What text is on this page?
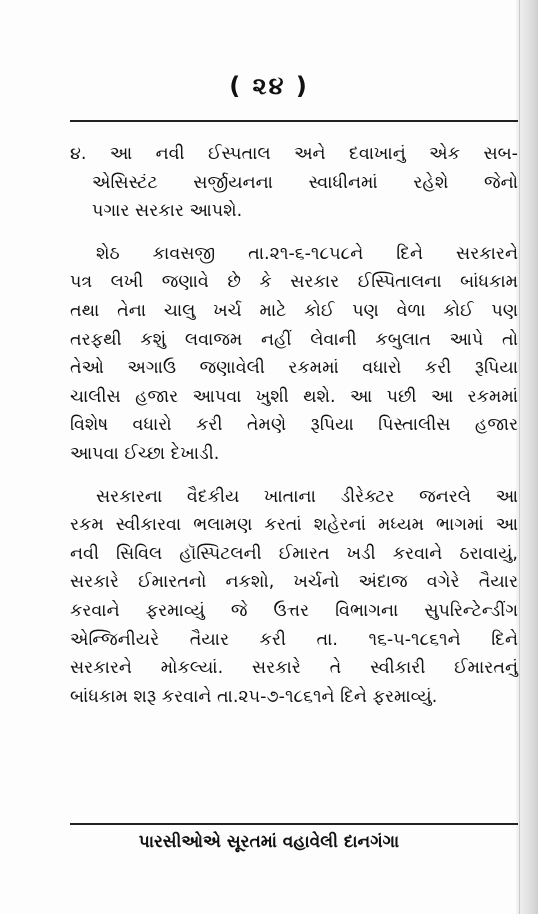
( ૨૪ )
૪. આ નવી ઈસ્પતાલ અને દવાખાનું એક સબ-
એસિસ્ટંટ સર્જીયનના સ્વાધીનમાં રહેશે જેનો
પગાર સરકાર આપશે.
શેઠ કાવસજી તા.૨૧-૬-૧૮૫૮ને દિને સરકારને
પત્ર લખી જણાવે છે કે સરકાર ઈસ્પિતાલના બાંધકામ
તથા તેના ચાલુ ખર્ચ માટે કોઈ પણ વેળા કોઈ પણ
તરફથી કશું લવાજમ નહીં લેવાની કબુલાત આપે તો
તેઓ અગાઉ જણાવેલી રકમમાં વધારો કરી રૂપિયા
ચાલીસ હજાર આપવા ખુશી થશે. આ પછી આ રકમમાં
વિશેષ વધારો કરી તેમણે રૂપિયા પિસ્તાલીસ હજાર
આપવા ઈચ્છા દેખાડી.
સરકારના વૈદકીય ખાતાના ડીરેક્ટર જનરલે આ
રકમ સ્વીકારવા ભલામણ કરતાં શહેરનાં મધ્યમ ભાગમાં આ
નવી સિવિલ હૉસ્પિટલની ઈમારત ખડી કરવાને ઠરાવાયું,
સરકારે ઈમારતનો નકશો, ખર્ચનો અંદાજ વગેરે તૈયાર
કરવાને ફરમાવ્યું જે ઉત્તર વિભાગના સુપરિન્ટેન્ડીંગ
એન્જિનીયરે તૈયાર કરી તા. ૧૬-૫-૧૮૬૧ને દિને
સરકારને મોકલ્યાં. સરકારે તે સ્વીકારી ઈમારતનું
બાંધકામ શરૂ કરવાને તા.૨૫-૭-૧૮૬૧ને દિને ફરમાવ્યું.
પારસીઓએ સૂરતમાં વહાવેલી દાનગંગા
